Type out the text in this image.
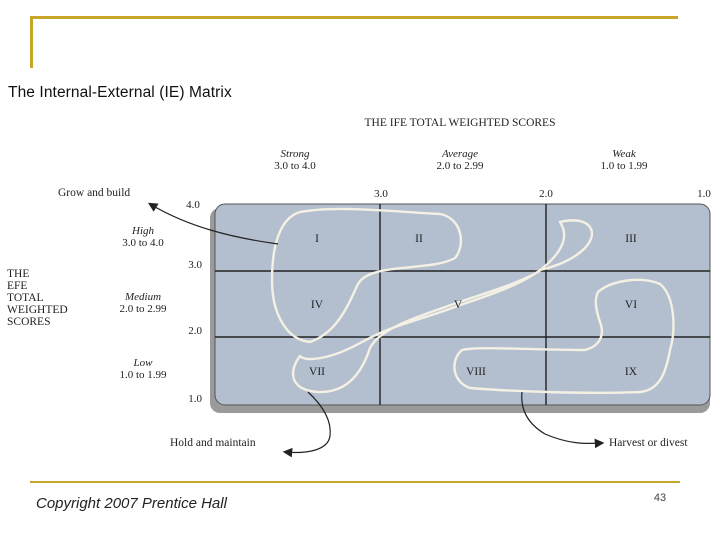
The Internal-External (IE) Matrix
I	II	III
IV	V	VI
VII	VIII	IX
THE IFE TOTAL WEIGHTED SCORES
Strong
3.0 to 4.0
Average
2.0 to 2.99
Weak
1.0 to 1.99
4.0
3.0	2.0	1.0
3.0
2.0
1.0
High
3.0 to 4.0
Medium
2.0 to 2.99
Low
1.0 to 1.99
THE
EFE
TOTAL
WEIGHTED
SCORES
Grow and build
Hold and maintain	Harvest or divest
Copyright 2007 Prentice Hall	43
